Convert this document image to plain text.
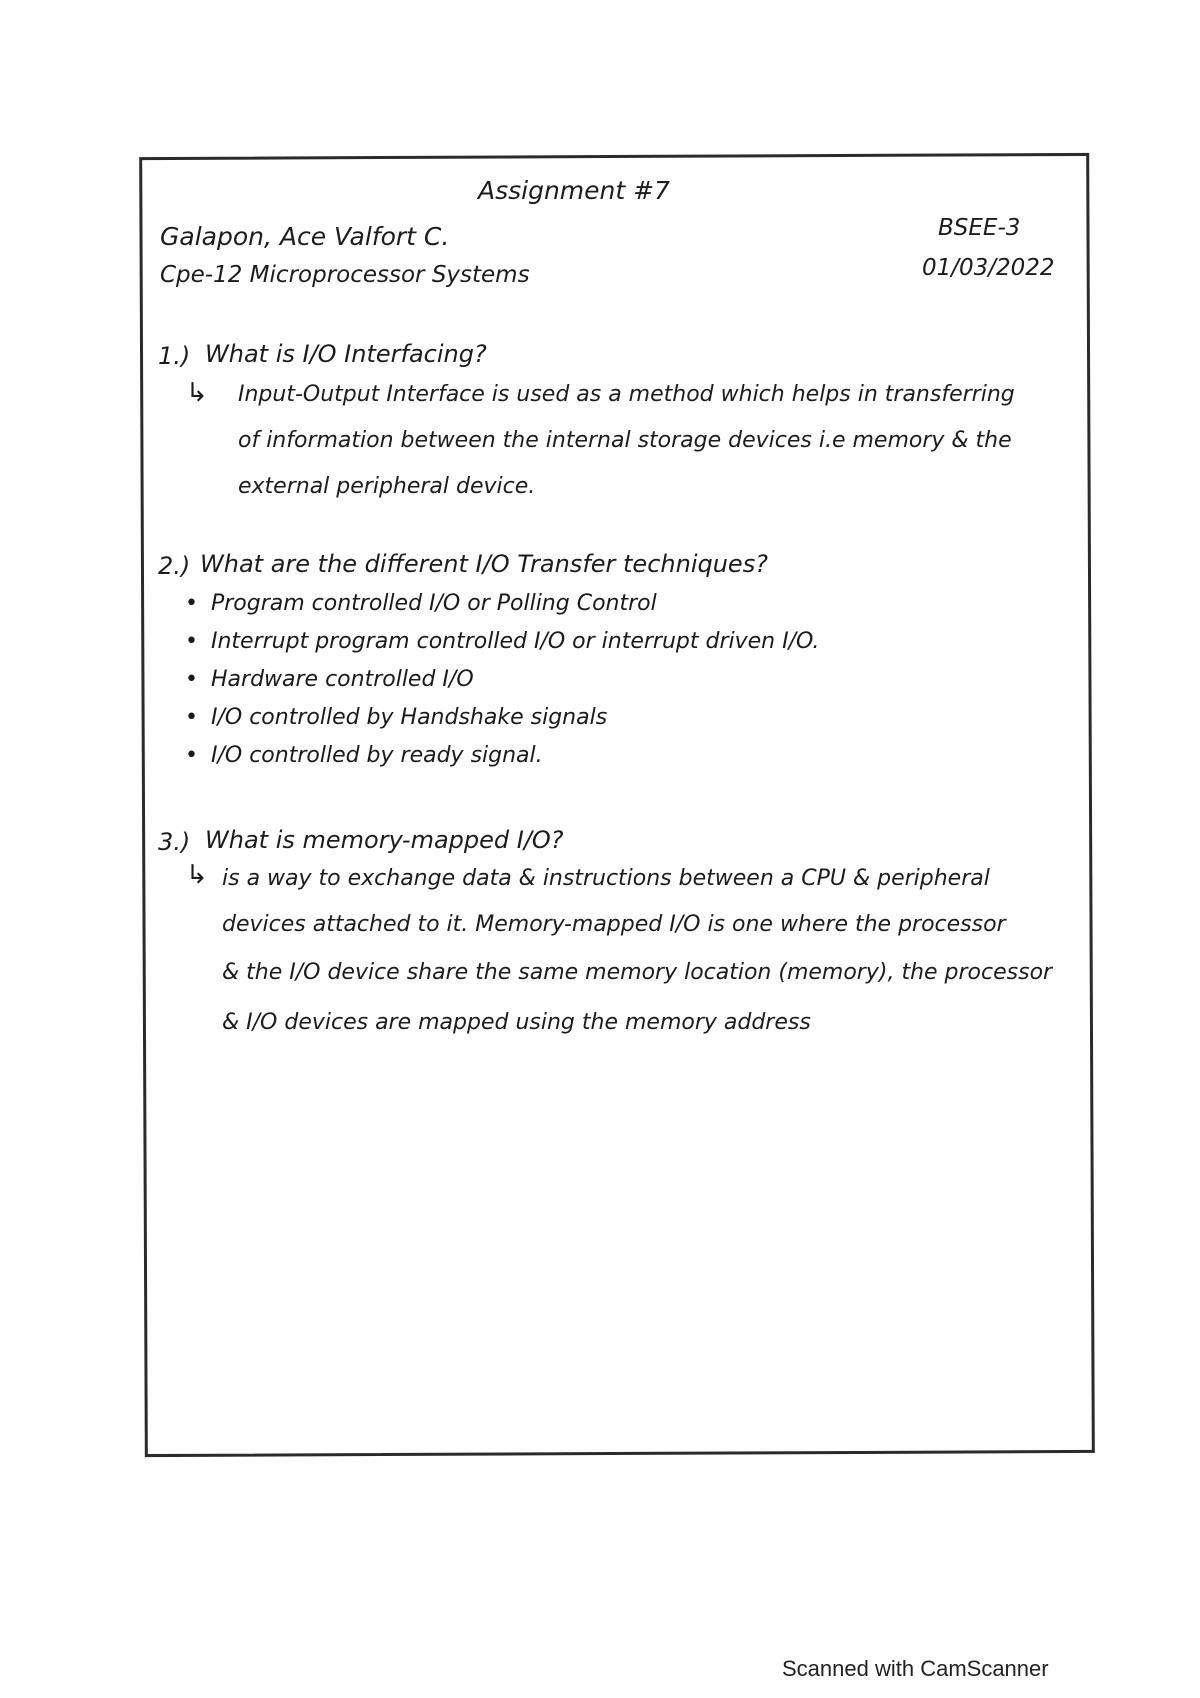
Assignment #7
Galapon, Ace Valfort C.
Cpe-12 Microprocessor Systems
BSEE-3
01/03/2022
1.) What is I/O Interfacing?
↳ Input-Output Interface is used as a method which helps in transferring
of information between the internal storage devices i.e memory & the
external peripheral device.
2.) What are the different I/O Transfer techniques?
• Program controlled I/O or Polling Control
• Interrupt program controlled I/O or interrupt driven I/O.
• Hardware controlled I/O
• I/O controlled by Handshake signals
• I/O controlled by ready signal.
3.) What is memory-mapped I/O?
↳ is a way to exchange data & instructions between a CPU & peripheral
devices attached to it. Memory-mapped I/O is one where the processor
& the I/O device share the same memory location (memory), the processor
& I/O devices are mapped using the memory address
Scanned with CamScanner
